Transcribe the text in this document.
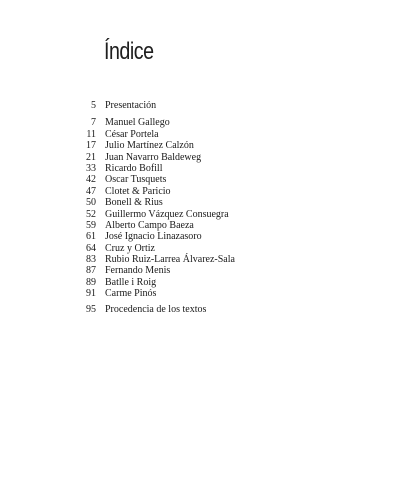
Índice
5 Presentación
7 Manuel Gallego
11 César Portela
17 Julio Martínez Calzón
21 Juan Navarro Baldeweg
33 Ricardo Bofill
42 Oscar Tusquets
47 Clotet & Paricio
50 Bonell & Rius
52 Guillermo Vázquez Consuegra
59 Alberto Campo Baeza
61 José Ignacio Linazasoro
64 Cruz y Ortiz
83 Rubio Ruiz-Larrea Álvarez-Sala
87 Fernando Menis
89 Batlle i Roig
91 Carme Pinós
95 Procedencia de los textos
